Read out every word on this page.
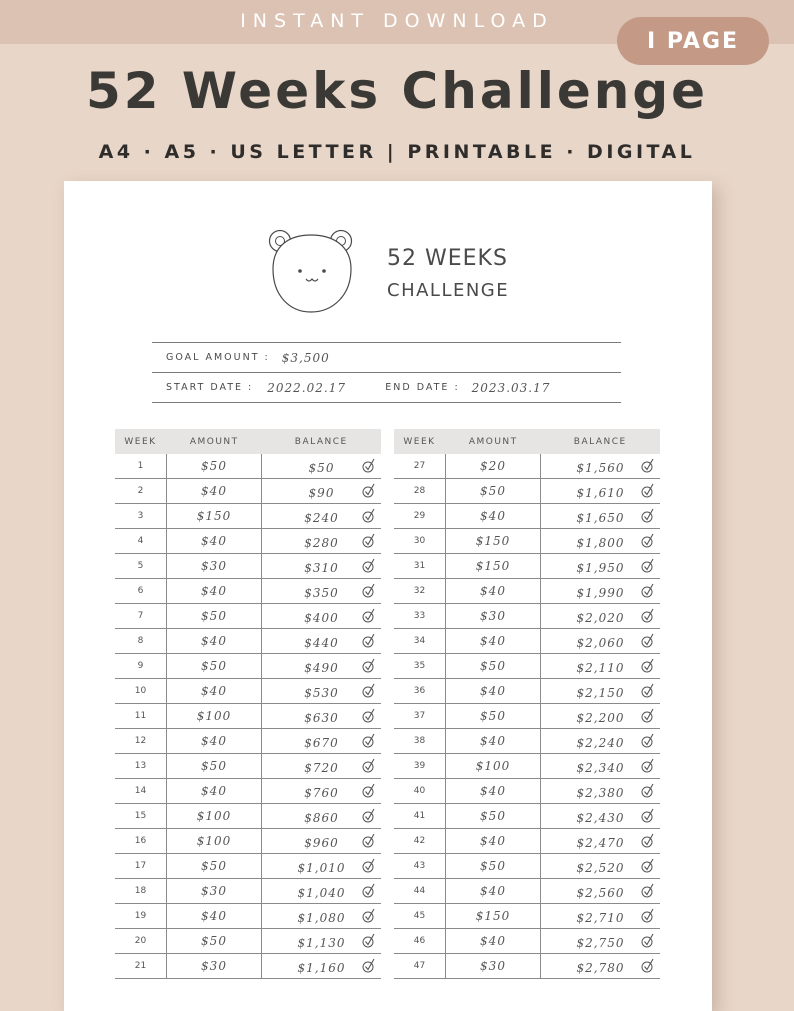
INSTANT DOWNLOAD
I PAGE
52 Weeks Challenge
A4 · A5 · US LETTER | PRINTABLE · DIGITAL
52 WEEKS
CHALLENGE
GOAL AMOUNT : $3,500
START DATE : 2022.02.17	END DATE : 2023.03.17
WEEK	AMOUNT	BALANCE
1	$50	$50

2	$40	$90

3	$150	$240

4	$40	$280

5	$30	$310

6	$40	$350

7	$50	$400

8	$40	$440

9	$50	$490

10	$40	$530

11	$100	$630

12	$40	$670

13	$50	$720

14	$40	$760

15	$100	$860

16	$100	$960

17	$50	$1,010

18	$30	$1,040

19	$40	$1,080

20	$50	$1,130

21	$30	$1,160
WEEK	AMOUNT	BALANCE
27	$20	$1,560

28	$50	$1,610

29	$40	$1,650

30	$150	$1,800

31	$150	$1,950

32	$40	$1,990

33	$30	$2,020

34	$40	$2,060

35	$50	$2,110

36	$40	$2,150

37	$50	$2,200

38	$40	$2,240

39	$100	$2,340

40	$40	$2,380

41	$50	$2,430

42	$40	$2,470

43	$50	$2,520

44	$40	$2,560

45	$150	$2,710

46	$40	$2,750

47	$30	$2,780
